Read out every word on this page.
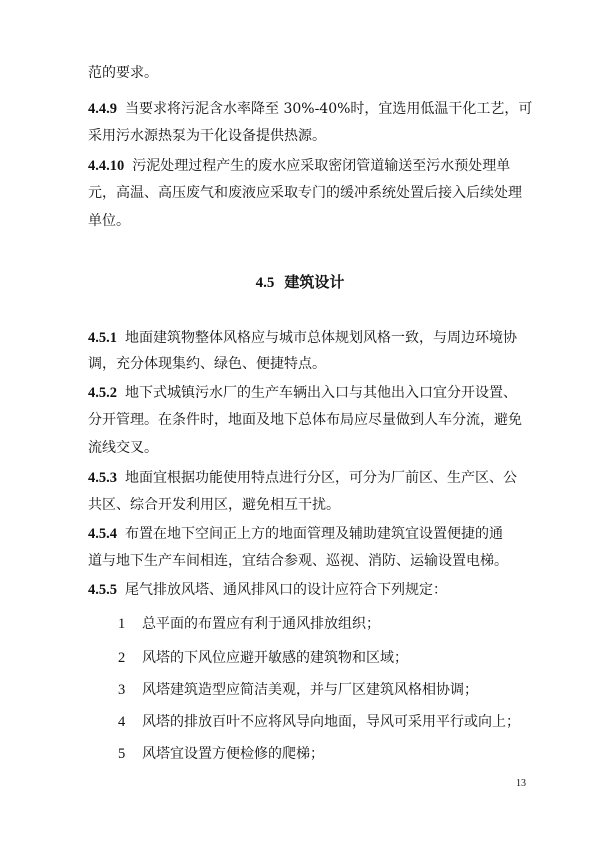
范的要求。
4.4.9 当要求将污泥含水率降至 30%-40%时，宜选用低温干化工艺，可
采用污水源热泵为干化设备提供热源。
4.4.10 污泥处理过程产生的废水应采取密闭管道输送至污水预处理单
元，高温、高压废气和废液应采取专门的缓冲系统处置后接入后续处理
单位。
4.5 建筑设计
4.5.1 地面建筑物整体风格应与城市总体规划风格一致，与周边环境协
调，充分体现集约、绿色、便捷特点。
4.5.2 地下式城镇污水厂的生产车辆出入口与其他出入口宜分开设置、
分开管理。在条件时，地面及地下总体布局应尽量做到人车分流，避免
流线交叉。
4.5.3 地面宜根据功能使用特点进行分区，可分为厂前区、生产区、公
共区、综合开发利用区，避免相互干扰。
4.5.4 布置在地下空间正上方的地面管理及辅助建筑宜设置便捷的通
道与地下生产车间相连，宜结合参观、巡视、消防、运输设置电梯。
4.5.5 尾气排放风塔、通风排风口的设计应符合下列规定：
1 总平面的布置应有利于通风排放组织；
2 风塔的下风位应避开敏感的建筑物和区域；
3 风塔建筑造型应简洁美观，并与厂区建筑风格相协调；
4 风塔的排放百叶不应将风导向地面，导风可采用平行或向上；
5 风塔宜设置方便检修的爬梯；
13
